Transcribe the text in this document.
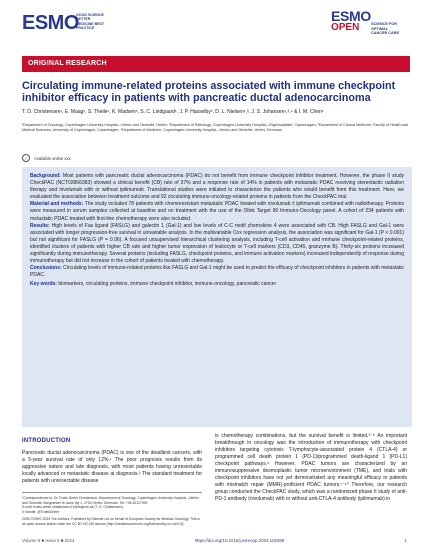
ESMO
GOOD SCIENCE BETTER MEDICINE BEST PRACTICE
ESMO
OPEN	SCIENCE FOR OPTIMAL CANCER CARE
ORIGINAL RESEARCH
Circulating immune-related proteins associated with immune checkpoint inhibitor efficacy in patients with pancreatic ductal adenocarcinoma
T. D. Christensen¹, E. Maag¹, S. Theile¹, K. Madsen¹, S. C. Lindgaard¹, J. P. Hasselby², D. L. Nielsen¹,³, J. S. Johansen¹,³,⁴ & I. M. Chen¹
¹Department of Oncology, Copenhagen University Hospital—Herlev and Gentofte, Herlev; ²Department of Pathology, Copenhagen University Hospital—Rigshospitalet, Copenhagen; ³Department of Clinical Medicine, Faculty of Health and Medical Sciences, University of Copenhagen, Copenhagen; ⁴Department of Medicine, Copenhagen University Hospital—Herlev and Gentofte, Herlev, Denmark
✓	Available online xxx

Background: Most patients with pancreatic ductal adenocarcinoma (PDAC) do not benefit from immune checkpoint inhibitor treatment. However, the phase II study CheckPAC (NCT02866383) showed a clinical benefit (CB) rate of 37% and a response rate of 14% in patients with metastatic PDAC receiving stereotactic radiation therapy and nivolumab with or without ipilimumab. Translational studies were initiated to characterize the patients who would benefit from this treatment. Here, we evaluated the association between treatment outcome and 92 circulating immuno-oncology-related proteins in patients from the CheckPAC trial.

Material and methods: The study included 78 patients with chemoresistant metastatic PDAC treated with nivolumab ± ipilimumab combined with radiotherapy. Proteins were measured in serum samples collected at baseline and on treatment with the use of the Olink Target 96 Immuno-Oncology panel. A cohort of 234 patients with metastatic PDAC treated with first-line chemotherapy were also included.

Results: High levels of Fas ligand (FASLG) and galectin 1 (Gal-1) and low levels of C-C motif chemokine 4 were associated with CB. High FASLG and Gal-1 were associated with longer progression-free survival in univariable analysis. In the multivariable Cox regression analysis, the association was significant for Gal-1 (P < 0.001) but not significant for FASLG (P = 0.06). A focused unsupervised hierarchical clustering analysis, including T-cell activation and immune checkpoint-related proteins, identified clusters of patients with higher CB rate and higher tumor expression of leukocyte or T-cell markers (CD3, CD45, granzyme B). Thirty-six proteins increased significantly during immunotherapy. Several proteins (including FASLG, checkpoint proteins, and immune activation markers) increased independently of response during immunotherapy but did not increase in the cohort of patients treated with chemotherapy.

Conclusions: Circulating levels of immune-related proteins like FASLG and Gal-1 might be used to predict the efficacy of checkpoint inhibitors in patients with metastatic PDAC.

Key words: biomarkers, circulating proteins, immune checkpoint inhibitor, immune-oncology, pancreatic cancer

INTRODUCTION
Pancreatic ductal adenocarcinoma (PDAC) is one of the deadliest cancers, with a 5-year survival rate of only 12%.¹ The poor prognosis results from its aggressive nature and late diagnosis, with most patients having unresectable locally advanced or metastatic disease at diagnosis.² The standard treatment for patients with unresectable disease
*Correspondence to: Dr Troels Dreier Christensen, Department of Oncology, Copenhagen University Hospital—Herlev and Gentofte, Borgmester Ib Juuls Vej 1, 2730 Herlev, Denmark. Tel: +45 40127900
E-mail: troels.dreier.christensen.01@regionh.dk (T. D. Christensen).
X handle: @TroelsDreier
2059-7029/© 2024 The Authors. Published by Elsevier Ltd on behalf of European Society for Medical Oncology. This is an open access article under the CC BY-NC-ND license (http://creativecommons.org/licenses/by-nc-nd/4.0/).
is chemotherapy combinations, but the survival benefit is limited.³⁻⁵ An important breakthrough in oncology was the introduction of immunotherapy with checkpoint inhibitors targeting cytotoxic T-lymphocyte-associated protein 4 (CTLA-4) or programmed cell death protein 1 (PD-1)/programmed death-ligand 1 (PD-L1) checkpoint pathways.⁶ However, PDAC tumors are characterized by an immunosuppressive desmoplastic tumor microenvironment (TME), and trials with checkpoint inhibitors have not yet demonstrated any meaningful efficacy in patients with mismatch repair (MMR)-proficient PDAC tumors.⁷⁻¹⁰ Therefore, our research group conducted the CheckPAC study, which was a randomized phase II study of anti-PD-1 antibody (nivolumab) with or without anti-CTLA-4 antibody (ipilimumab) in
Volume 9 ■ Issue 6 ■ 2024	https://doi.org/10.1016/j.esmoop.2024.103489	1
